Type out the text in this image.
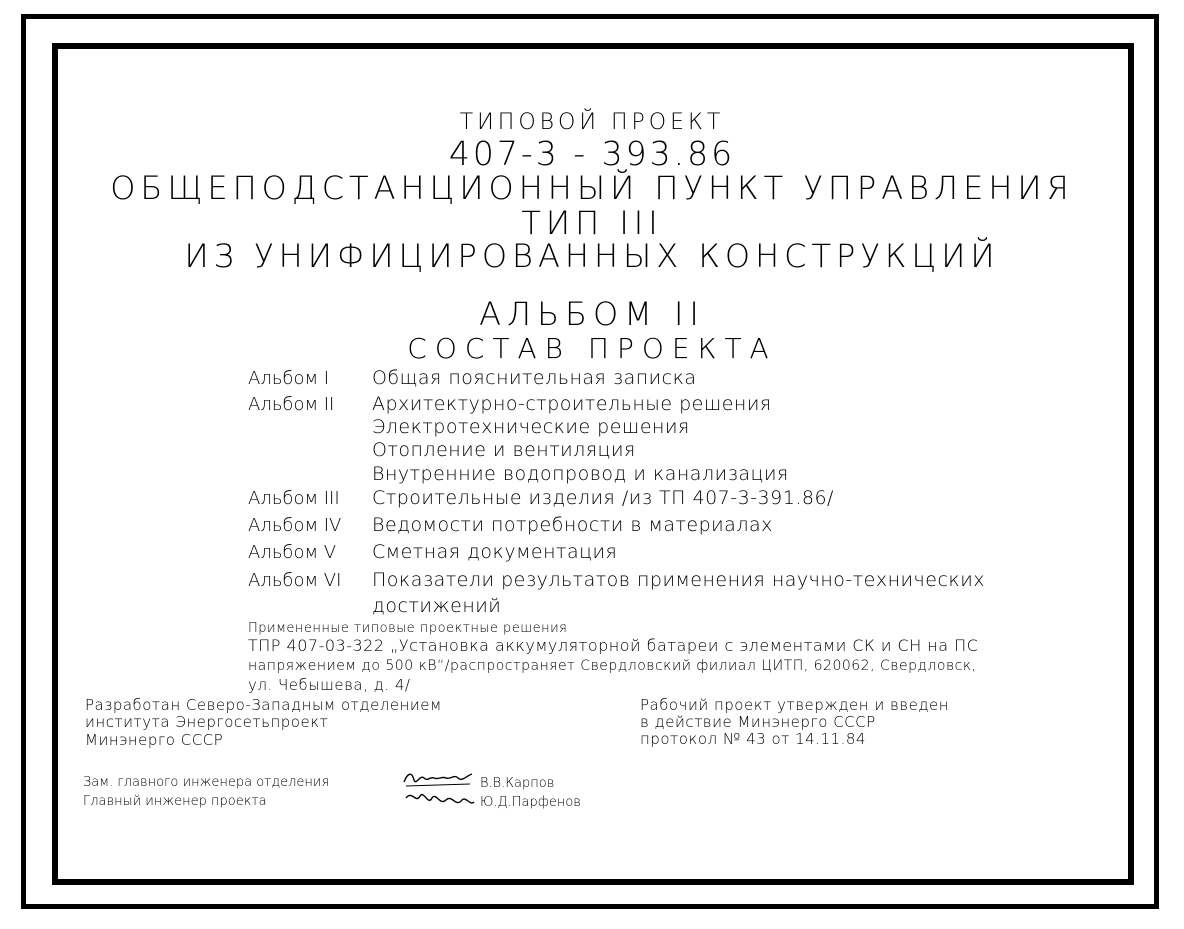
ТИПОВОЙ ПРОЕКТ
407-3 - 393.86
ОБЩЕПОДСТАНЦИОННЫЙ ПУНКТ УПРАВЛЕНИЯ
ТИП III
ИЗ УНИФИЦИРОВАННЫХ КОНСТРУКЦИЙ
АЛЬБОМ II
СОСТАВ ПРОЕКТА
Альбом I	Общая пояснительная записка
Альбом II	Архитектурно-строительные решения
Электротехнические решения
Отопление и вентиляция
Внутренние водопровод и канализация
Альбом III	Строительные изделия /из ТП 407-3-391.86/
Альбом IV	Ведомости потребности в материалах
Альбом V	Сметная документация
Альбом VI	Показатели результатов применения научно-технических
достижений
Примененные типовые проектные решения
ТПР 407-03-322 „Установка аккумуляторной батареи с элементами СК и СН на ПС
напряжением до 500 кВ“/распространяет Свердловский филиал ЦИТП, 620062, Свердловск,
ул. Чебышева, д. 4/
Разработан Северо-Западным отделением
института Энергосетьпроект
Минэнерго СССР
Рабочий проект утвержден и введен
в действие Минэнерго СССР
протокол № 43 от 14.11.84
Зам. главного инженера отделения	В.В.Карпов
Главный инженер проекта	Ю.Д.Парфенов
